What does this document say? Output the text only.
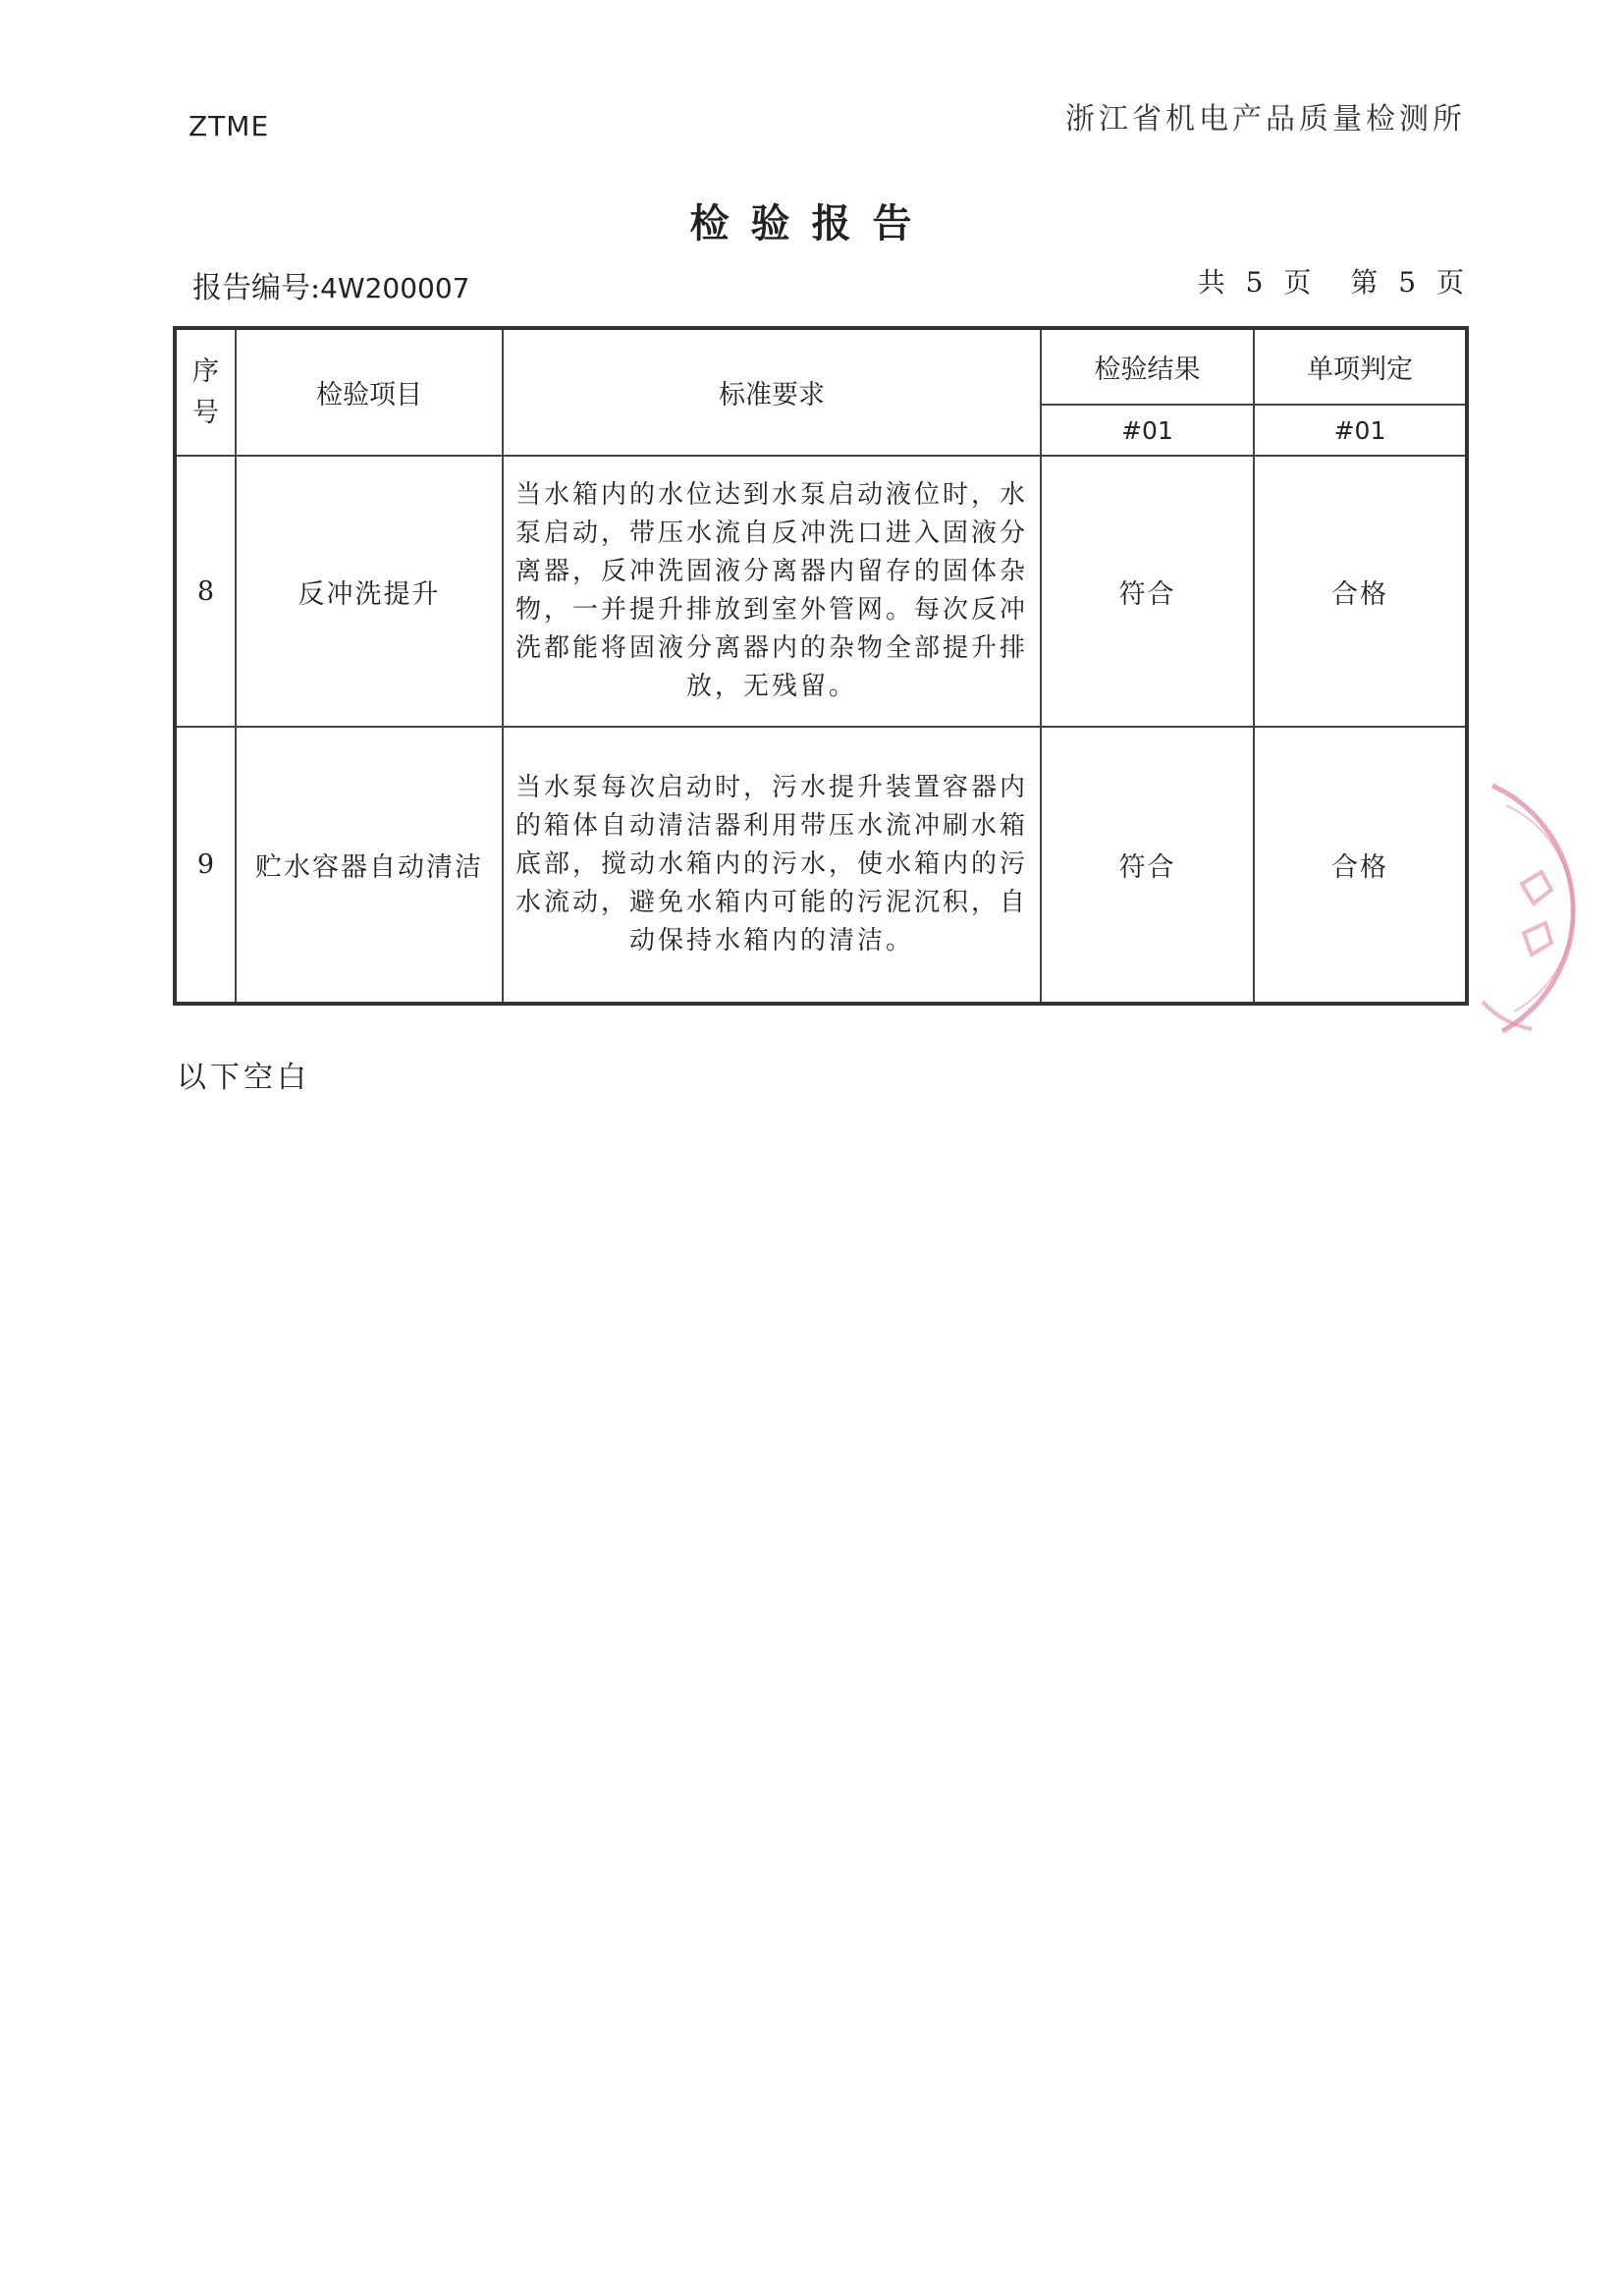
ZTME	浙江省机电产品质量检测所
检验报告
报告编号:4W200007	共 5 页 第 5 页
序号	检验项目	标准要求	检验结果	单项判定
			#01	#01
8	反冲洗提升	当水箱内的水位达到水泵启动液位时，水泵启动，带压水流自反冲洗口进入固液分离器，反冲洗固液分离器内留存的固体杂物，一并提升排放到室外管网。每次反冲洗都能将固液分离器内的杂物全部提升排放，无残留。	符合	合格
9	贮水容器自动清洁	当水泵每次启动时，污水提升装置容器内的箱体自动清洁器利用带压水流冲刷水箱底部，搅动水箱内的污水，使水箱内的污水流动，避免水箱内可能的污泥沉积，自动保持水箱内的清洁。	符合	合格
以下空白
